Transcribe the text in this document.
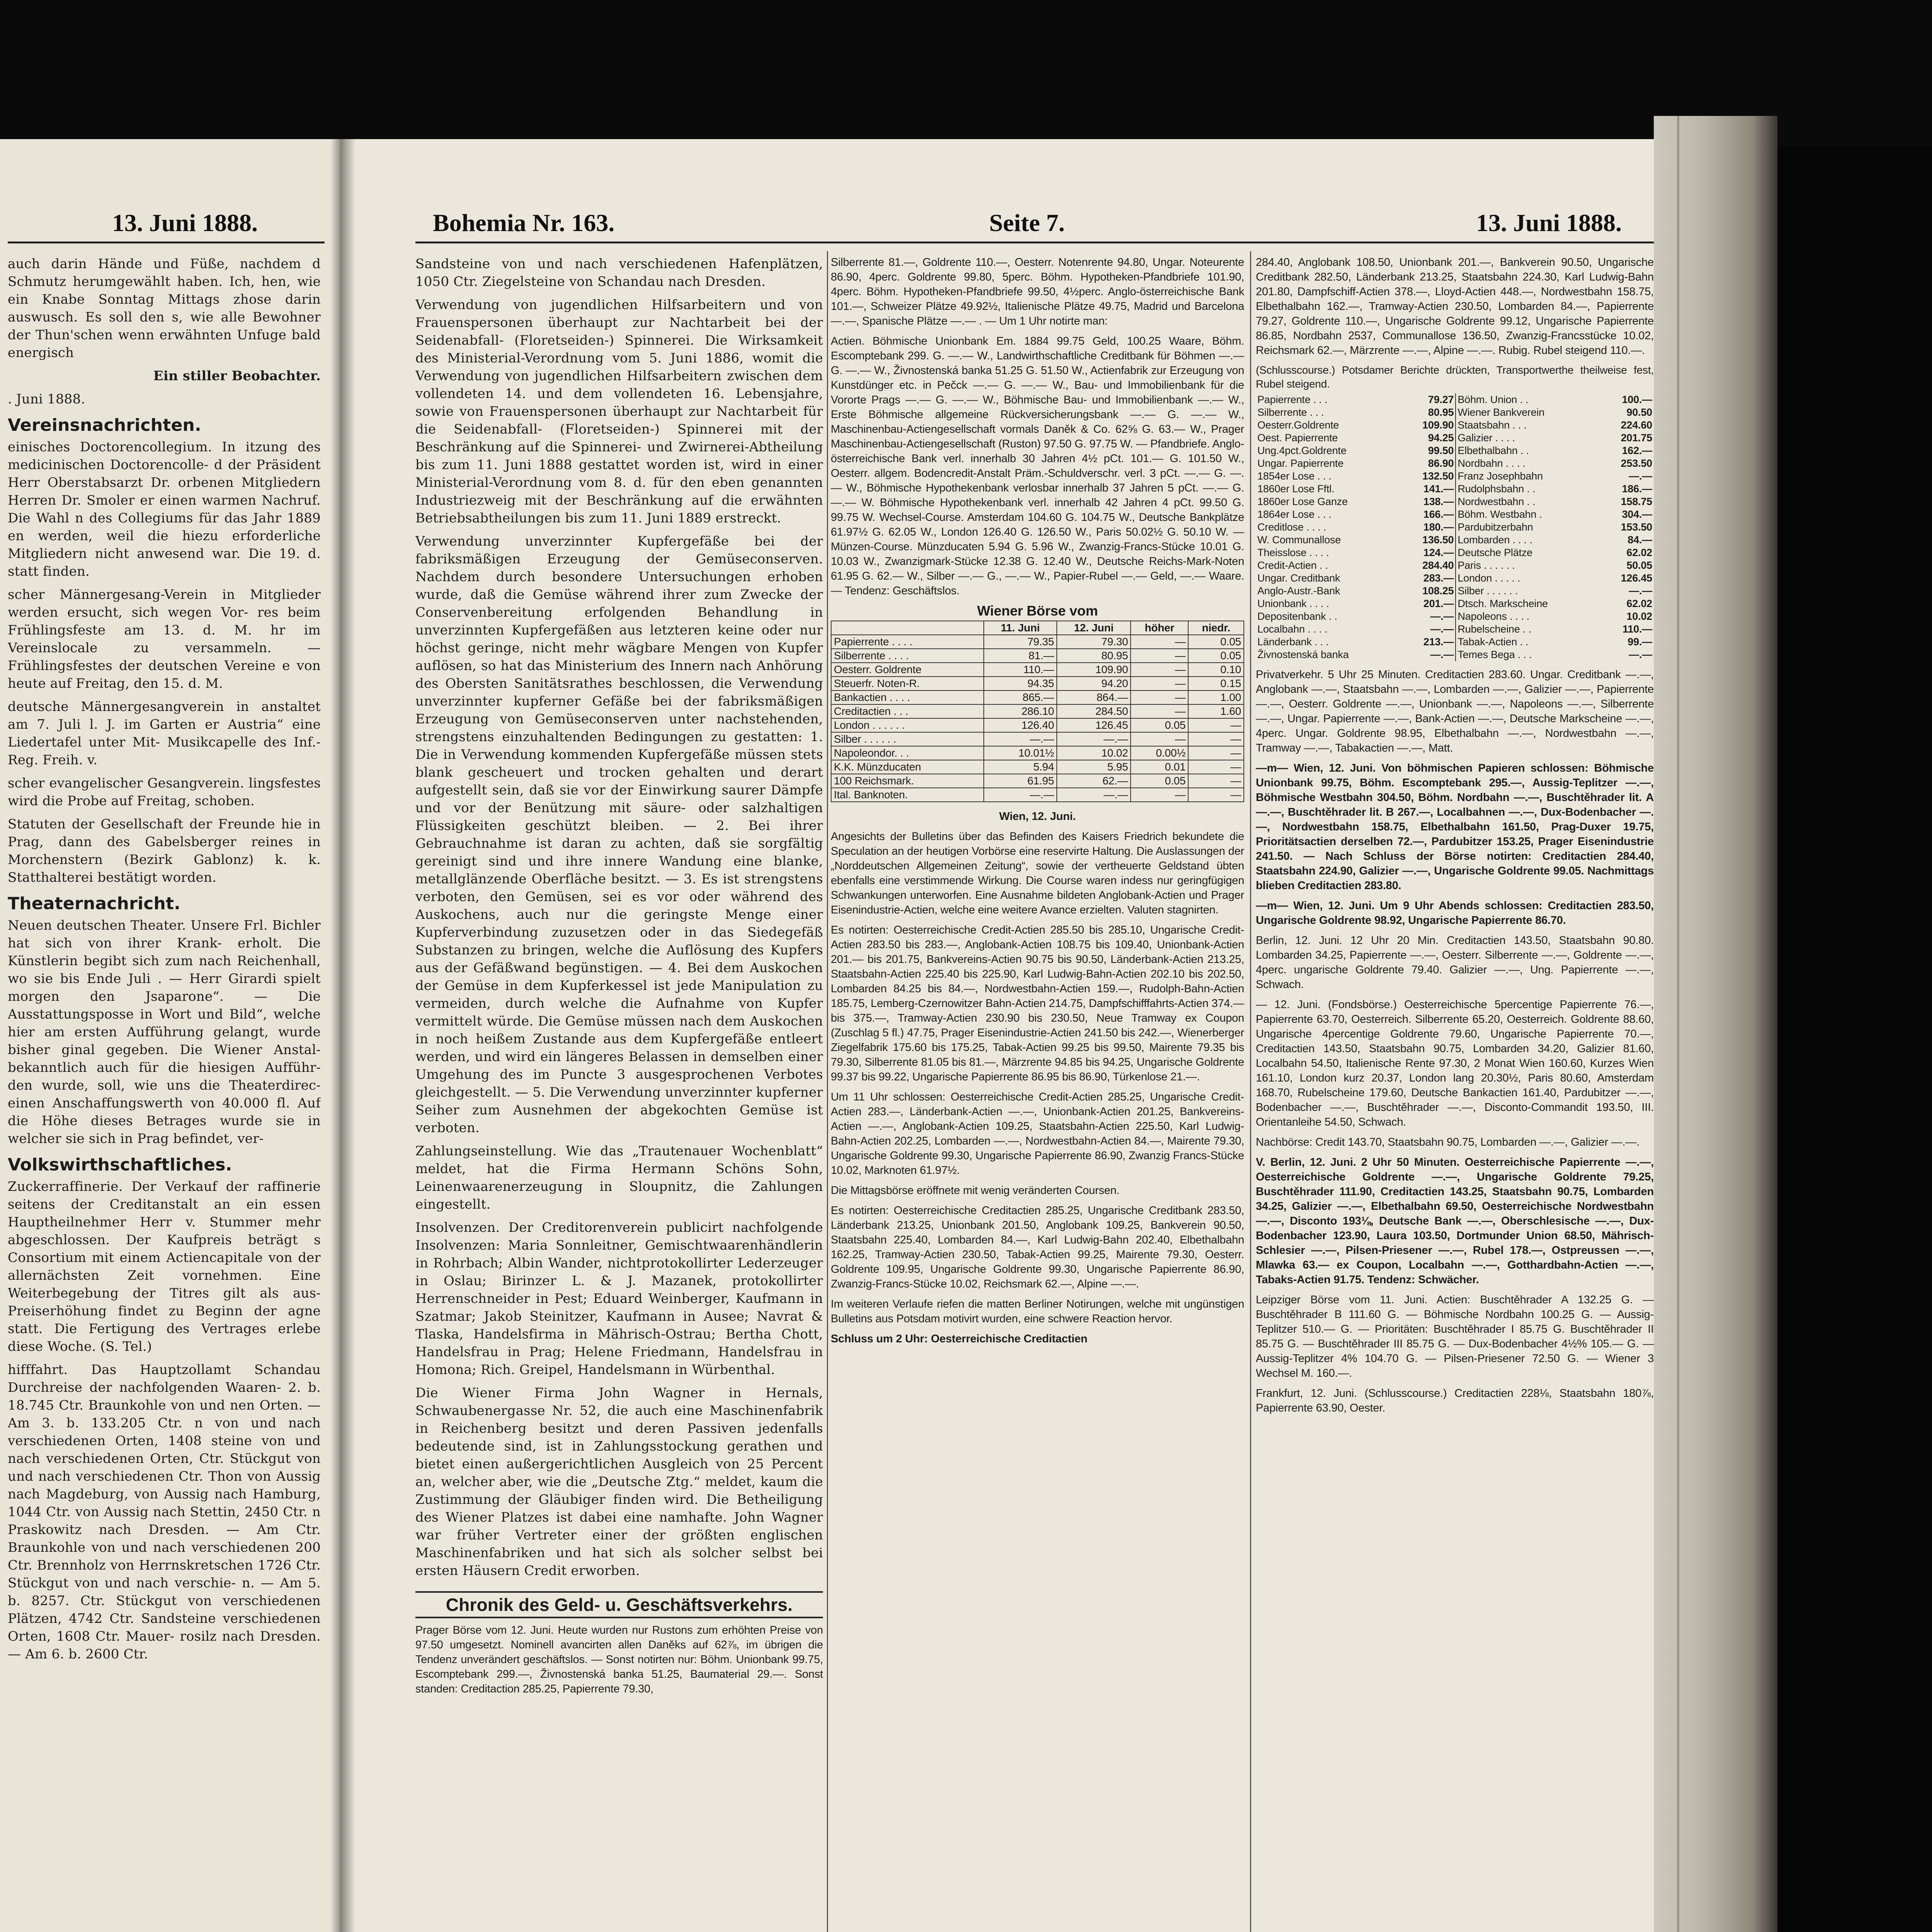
13. Juni 1888.

auch darin Hände und Füße, nachdem d Schmutz herumgewählt haben. Ich, hen, wie ein Knabe Sonntag Mittags zhose darin auswusch. Es soll den s, wie alle Bewohner der Thun'schen wenn erwähnten Unfuge bald energisch

Ein stiller Beobachter.

. Juni 1888.

Vereinsnachrichten.

einisches Doctorencollegium. In itzung des medicinischen Doctorencolle- d der Präsident Herr Oberstabsarzt Dr. orbenen Mitgliedern Herren Dr. Smoler er einen warmen Nachruf. Die Wahl n des Collegiums für das Jahr 1889 en werden, weil die hiezu erforderliche Mitgliedern nicht anwesend war. Die 19. d. statt finden.

scher Männergesang-Verein in Mitglieder werden ersucht, sich wegen Vor- res beim Frühlingsfeste am 13. d. M. hr im Vereinslocale zu versammeln. — Frühlingsfestes der deutschen Vereine e von heute auf Freitag, den 15. d. M.

deutsche Männergesangverein in anstaltet am 7. Juli l. J. im Garten er Austria“ eine Liedertafel unter Mit- Musikcapelle des Inf.-Reg. Freih. v.

scher evangelischer Gesangverein. lingsfestes wird die Probe auf Freitag, schoben.

Statuten der Gesellschaft der Freunde hie in Prag, dann des Gabelsberger reines in Morchenstern (Bezirk Gablonz) k. k. Statthalterei bestätigt worden.

Theaternachricht.

Neuen deutschen Theater. Unsere Frl. Bichler hat sich von ihrer Krank- erholt. Die Künstlerin begibt sich zum nach Reichenhall, wo sie bis Ende Juli . — Herr Girardi spielt morgen den Jsaparone“. — Die Ausstattungsposse in Wort und Bild“, welche hier am ersten Aufführung gelangt, wurde bisher ginal gegeben. Die Wiener Anstal- bekanntlich auch für die hiesigen Aufführ- den wurde, soll, wie uns die Theaterdirec- einen Anschaffungswerth von 40.000 fl. Auf die Höhe dieses Betrages wurde sie in welcher sie sich in Prag befindet, ver-

Volkswirthschaftliches.

Zuckerraffinerie. Der Verkauf der raffinerie seitens der Creditanstalt an ein essen Hauptheilnehmer Herr v. Stummer mehr abgeschlossen. Der Kaufpreis beträgt s Consortium mit einem Actiencapitale von der allernächsten Zeit vornehmen. Eine Weiterbegebung der Titres gilt als aus- Preiserhöhung findet zu Beginn der agne statt. Die Fertigung des Vertrages erlebe diese Woche. (S. Tel.)

hifffahrt. Das Hauptzollamt Schandau Durchreise der nachfolgenden Waaren- 2. b. 18.745 Ctr. Braunkohle von und nen Orten. — Am 3. b. 133.205 Ctr. n von und nach verschiedenen Orten, 1408 steine von und nach verschiedenen Orten, Ctr. Stückgut von und nach verschiedenen Ctr. Thon von Aussig nach Magdeburg, von Aussig nach Hamburg, 1044 Ctr. von Aussig nach Stettin, 2450 Ctr. n Praskowitz nach Dresden. — Am Ctr. Braunkohle von und nach verschiedenen 200 Ctr. Brennholz von Herrnskretschen 1726 Ctr. Stückgut von und nach verschie- n. — Am 5. b. 8257. Ctr. Stückgut von verschiedenen Plätzen, 4742 Ctr. Sandsteine verschiedenen Orten, 1608 Ctr. Mauer- rosilz nach Dresden. — Am 6. b. 2600 Ctr.

Bohemia Nr. 163.	Seite 7.	13. Juni 1888.

Sandsteine von und nach verschiedenen Hafenplätzen, 1050 Ctr. Ziegelsteine von Schandau nach Dresden.

Verwendung von jugendlichen Hilfsarbeitern und von Frauenspersonen überhaupt zur Nachtarbeit bei der Seidenabfall- (Floretseiden-) Spinnerei. Die Wirksamkeit des Ministerial-Verordnung vom 5. Juni 1886, womit die Verwendung von jugendlichen Hilfsarbeitern zwischen dem vollendeten 14. und dem vollendeten 16. Lebensjahre, sowie von Frauenspersonen überhaupt zur Nachtarbeit für die Seidenabfall- (Floretseiden-) Spinnerei mit der Beschränkung auf die Spinnerei- und Zwirnerei-Abtheilung bis zum 11. Juni 1888 gestattet worden ist, wird in einer Ministerial-Verordnung vom 8. d. für den eben genannten Industriezweig mit der Beschränkung auf die erwähnten Betriebsabtheilungen bis zum 11. Juni 1889 erstreckt.

Verwendung unverzinnter Kupfergefäße bei der fabriksmäßigen Erzeugung der Gemüseconserven. Nachdem durch besondere Untersuchungen erhoben wurde, daß die Gemüse während ihrer zum Zwecke der Conservenbereitung erfolgenden Behandlung in unverzinnten Kupfergefäßen aus letzteren keine oder nur höchst geringe, nicht mehr wägbare Mengen von Kupfer auflösen, so hat das Ministerium des Innern nach Anhörung des Obersten Sanitätsrathes beschlossen, die Verwendung unverzinnter kupferner Gefäße bei der fabriksmäßigen Erzeugung von Gemüseconserven unter nachstehenden, strengstens einzuhaltenden Bedingungen zu gestatten: 1. Die in Verwendung kommenden Kupfergefäße müssen stets blank gescheuert und trocken gehalten und derart aufgestellt sein, daß sie vor der Einwirkung saurer Dämpfe und vor der Benützung mit säure- oder salzhaltigen Flüssigkeiten geschützt bleiben. — 2. Bei ihrer Gebrauchnahme ist daran zu achten, daß sie sorgfältig gereinigt sind und ihre innere Wandung eine blanke, metallglänzende Oberfläche besitzt. — 3. Es ist strengstens verboten, den Gemüsen, sei es vor oder während des Auskochens, auch nur die geringste Menge einer Kupferverbindung zuzusetzen oder in das Siedegefäß Substanzen zu bringen, welche die Auflösung des Kupfers aus der Gefäßwand begünstigen. — 4. Bei dem Auskochen der Gemüse in dem Kupferkessel ist jede Manipulation zu vermeiden, durch welche die Aufnahme von Kupfer vermittelt würde. Die Gemüse müssen nach dem Auskochen in noch heißem Zustande aus dem Kupfergefäße entleert werden, und wird ein längeres Belassen in demselben einer Umgehung des im Puncte 3 ausgesprochenen Verbotes gleichgestellt. — 5. Die Verwendung unverzinnter kupferner Seiher zum Ausnehmen der abgekochten Gemüse ist verboten.

Zahlungseinstellung. Wie das „Trautenauer Wochenblatt“ meldet, hat die Firma Hermann Schöns Sohn, Leinenwaarenerzeugung in Sloupnitz, die Zahlungen eingestellt.

Insolvenzen. Der Creditorenverein publicirt nachfolgende Insolvenzen: Maria Sonnleitner, Gemischtwaarenhändlerin in Rohrbach; Albin Wander, nichtprotokollirter Lederzeuger in Oslau; Birinzer L. & J. Mazanek, protokollirter Herrenschneider in Pest; Eduard Weinberger, Kaufmann in Szatmar; Jakob Steinitzer, Kaufmann in Ausee; Navrat & Tlaska, Handelsfirma in Mährisch-Ostrau; Bertha Chott, Handelsfrau in Prag; Helene Friedmann, Handelsfrau in Homona; Rich. Greipel, Handelsmann in Würbenthal.

Die Wiener Firma John Wagner in Hernals, Schwaubenergasse Nr. 52, die auch eine Maschinenfabrik in Reichenberg besitzt und deren Passiven jedenfalls bedeutende sind, ist in Zahlungsstockung gerathen und bietet einen außergerichtlichen Ausgleich von 25 Percent an, welcher aber, wie die „Deutsche Ztg.“ meldet, kaum die Zustimmung der Gläubiger finden wird. Die Betheiligung des Wiener Platzes ist dabei eine namhafte. John Wagner war früher Vertreter einer der größten englischen Maschinenfabriken und hat sich als solcher selbst bei ersten Häusern Credit erworben.

Chronik des Geld- u. Geschäftsverkehrs.

Prager Börse vom 12. Juni. Heute wurden nur Rustons zum erhöhten Preise von 97.50 umgesetzt. Nominell avancirten allen Daněks auf 62⅞, im übrigen die Tendenz unverändert geschäftslos. — Sonst notirten nur: Böhm. Unionbank 99.75, Escomptebank 299.—, Živnostenská banka 51.25, Baumaterial 29.—. Sonst standen: Creditaction 285.25, Papierrente 79.30,

Silberrente 81.—, Goldrente 110.—, Oesterr. Notenrente 94.80, Ungar. Noteurente 86.90, 4perc. Goldrente 99.80, 5perc. Böhm. Hypotheken-Pfandbriefe 101.90, 4perc. Böhm. Hypotheken-Pfandbriefe 99.50, 4½perc. Anglo-österreichische Bank 101.—, Schweizer Plätze 49.92½, Italienische Plätze 49.75, Madrid und Barcelona —.—, Spanische Plätze —.— . — Um 1 Uhr notirte man:

Actien. Böhmische Unionbank Em. 1884 99.75 Geld, 100.25 Waare, Böhm. Escomptebank 299. G. —.— W., Landwirthschaftliche Creditbank für Böhmen —.— G. —.— W., Živnostenská banka 51.25 G. 51.50 W., Actienfabrik zur Erzeugung von Kunstdünger etc. in Pečck —.— G. —.— W., Bau- und Immobilienbank für die Vororte Prags —.— G. —.— W., Böhmische Bau- und Immobilienbank —.— W., Erste Böhmische allgemeine Rückversicherungsbank —.— G. —.— W., Maschinenbau-Actiengesellschaft vormals Daněk & Co. 62⅝ G. 63.— W., Prager Maschinenbau-Actiengesellschaft (Ruston) 97.50 G. 97.75 W. — Pfandbriefe. Anglo-österreichische Bank verl. innerhalb 30 Jahren 4½ pCt. 101.— G. 101.50 W., Oesterr. allgem. Bodencredit-Anstalt Präm.-Schuldverschr. verl. 3 pCt. —.— G. —.— W., Böhmische Hypothekenbank verlosbar innerhalb 37 Jahren 5 pCt. —.— G. —.— W. Böhmische Hypothekenbank verl. innerhalb 42 Jahren 4 pCt. 99.50 G. 99.75 W. Wechsel-Course. Amsterdam 104.60 G. 104.75 W., Deutsche Bankplätze 61.97½ G. 62.05 W., London 126.40 G. 126.50 W., Paris 50.02½ G. 50.10 W. — Münzen-Course. Münzducaten 5.94 G. 5.96 W., Zwanzig-Francs-Stücke 10.01 G. 10.03 W., Zwanzigmark-Stücke 12.38 G. 12.40 W., Deutsche Reichs-Mark-Noten 61.95 G. 62.— W., Silber —.— G., —.— W., Papier-Rubel —.— Geld, —.— Waare. — Tendenz: Geschäftslos.

Wiener Börse vom
	11. Juni	12. Juni	höher	niedr.
Papierrente . . . .	79.35	79.30	—	0.05
Silberrente . . . .	81.—	80.95	—	0.05
Oesterr. Goldrente	110.—	109.90	—	0.10
Steuerfr. Noten-R.	94.35	94.20	—	0.15
Bankactien . . . .	865.—	864.—	—	1.00
Creditactien . . .	286.10	284.50	—	1.60
London . . . . . .	126.40	126.45	0.05	—
Silber . . . . . .	—.—	—.—	—	—
Napoleondor. . .	10.01½	10.02	0.00½	—
K.K. Münzducaten	5.94	5.95	0.01	—
100 Reichsmark.	61.95	62.—	0.05	—
Ital. Banknoten.	—.—	—.—	—	—

Wien, 12. Juni.

Angesichts der Bulletins über das Befinden des Kaisers Friedrich bekundete die Speculation an der heutigen Vorbörse eine reservirte Haltung. Die Auslassungen der „Norddeutschen Allgemeinen Zeitung“, sowie der vertheuerte Geldstand übten ebenfalls eine verstimmende Wirkung. Die Course waren indess nur geringfügigen Schwankungen unterworfen. Eine Ausnahme bildeten Anglobank-Actien und Prager Eisenindustrie-Actien, welche eine weitere Avance erzielten. Valuten stagnirten.

Es notirten: Oesterreichische Credit-Actien 285.50 bis 285.10, Ungarische Credit-Actien 283.50 bis 283.—, Anglobank-Actien 108.75 bis 109.40, Unionbank-Actien 201.— bis 201.75, Bankvereins-Actien 90.75 bis 90.50, Länderbank-Actien 213.25, Staatsbahn-Actien 225.40 bis 225.90, Karl Ludwig-Bahn-Actien 202.10 bis 202.50, Lombarden 84.25 bis 84.—, Nordwestbahn-Actien 159.—, Rudolph-Bahn-Actien 185.75, Lemberg-Czernowitzer Bahn-Actien 214.75, Dampfschifffahrts-Actien 374.— bis 375.—, Tramway-Actien 230.90 bis 230.50, Neue Tramway ex Coupon (Zuschlag 5 fl.) 47.75, Prager Eisenindustrie-Actien 241.50 bis 242.—, Wienerberger Ziegelfabrik 175.60 bis 175.25, Tabak-Actien 99.25 bis 99.50, Mairente 79.35 bis 79.30, Silberrente 81.05 bis 81.—, Märzrente 94.85 bis 94.25, Ungarische Goldrente 99.37 bis 99.22, Ungarische Papierrente 86.95 bis 86.90, Türkenlose 21.—.

Um 11 Uhr schlossen: Oesterreichische Credit-Actien 285.25, Ungarische Credit-Actien 283.—, Länderbank-Actien —.—, Unionbank-Actien 201.25, Bankvereins-Actien —.—, Anglobank-Actien 109.25, Staatsbahn-Actien 225.50, Karl Ludwig-Bahn-Actien 202.25, Lombarden —.—, Nordwestbahn-Actien 84.—, Mairente 79.30, Ungarische Goldrente 99.30, Ungarische Papierrente 86.90, Zwanzig Francs-Stücke 10.02, Marknoten 61.97½.

Die Mittagsbörse eröffnete mit wenig veränderten Coursen.

Es notirten: Oesterreichische Creditactien 285.25, Ungarische Creditbank 283.50, Länderbank 213.25, Unionbank 201.50, Anglobank 109.25, Bankverein 90.50, Staatsbahn 225.40, Lombarden 84.—, Karl Ludwig-Bahn 202.40, Elbethalbahn 162.25, Tramway-Actien 230.50, Tabak-Actien 99.25, Mairente 79.30, Oesterr. Goldrente 109.95, Ungarische Goldrente 99.30, Ungarische Papierrente 86.90, Zwanzig-Francs-Stücke 10.02, Reichsmark 62.—, Alpine —.—.

Im weiteren Verlaufe riefen die matten Berliner Notirungen, welche mit ungünstigen Bulletins aus Potsdam motivirt wurden, eine schwere Reaction hervor.

Schluss um 2 Uhr: Oesterreichische Creditactien

284.40, Anglobank 108.50, Unionbank 201.—, Bankverein 90.50, Ungarische Creditbank 282.50, Länderbank 213.25, Staatsbahn 224.30, Karl Ludwig-Bahn 201.80, Dampfschiff-Actien 378.—, Lloyd-Actien 448.—, Nordwestbahn 158.75, Elbethalbahn 162.—, Tramway-Actien 230.50, Lombarden 84.—, Papierrente 79.27, Goldrente 110.—, Ungarische Goldrente 99.12, Ungarische Papierrente 86.85, Nordbahn 2537, Communallose 136.50, Zwanzig-Francsstücke 10.02, Reichsmark 62.—, Märzrente —.—, Alpine —.—. Rubig. Rubel steigend 110.—.

(Schlusscourse.) Potsdamer Berichte drückten, Transportwerthe theilweise fest, Rubel steigend.

Papierrente . . .	79.27	Böhm. Union . .	100.—
Silberrente . . .	80.95	Wiener Bankverein	90.50
Oesterr.Goldrente	109.90	Staatsbahn . . .	224.60
Oest. Papierrente	94.25	Galizier . . . .	201.75
Ung.4pct.Goldrente	99.50	Elbethalbahn . .	162.—
Ungar. Papierrente	86.90	Nordbahn . . . .	253.50
1854er Lose . . .	132.50	Franz Josephbahn	—.—
1860er Lose Fftl.	141.—	Rudolphsbahn . .	186.—
1860er Lose Ganze	138.—	Nordwestbahn . .	158.75
1864er Lose . . .	166.—	Böhm. Westbahn .	304.—
Creditlose . . . .	180.—	Pardubitzerbahn	153.50
W. Communallose	136.50	Lombarden . . . .	84.—
Theisslose . . . .	124.—	Deutsche Plätze	62.02
Credit-Actien . .	284.40	Paris . . . . . .	50.05
Ungar. Creditbank	283.—	London . . . . .	126.45
Anglo-Austr.-Bank	108.25	Silber . . . . . .	—.—
Unionbank . . . .	201.—	Dtsch. Markscheine	62.02
Depositenbank . .	—.—	Napoleons . . . .	10.02
Localbahn . . . .	—.—	Rubelscheine . .	110.—
Länderbank . . .	213.—	Tabak-Actien . .	99.—
Živnostenská banka	—.—	Temes Bega . . .	—.—

Privatverkehr. 5 Uhr 25 Minuten. Creditactien 283.60. Ungar. Creditbank —.—, Anglobank —.—, Staatsbahn —.—, Lombarden —.—, Galizier —.—, Papierrente —.—, Oesterr. Goldrente —.—, Unionbank —.—, Napoleons —.—, Silberrente —.—, Ungar. Papierrente —.—, Bank-Actien —.—, Deutsche Markscheine —.—, 4perc. Ungar. Goldrente 98.95, Elbethalbahn —.—, Nordwestbahn —.—, Tramway —.—, Tabakactien —.—, Matt.

—m— Wien, 12. Juni. Von böhmischen Papieren schlossen: Böhmische Unionbank 99.75, Böhm. Escomptebank 295.—, Aussig-Teplitzer —.—, Böhmische Westbahn 304.50, Böhm. Nordbahn —.—, Buschtěhrader lit. A —.—, Buschtěhrader lit. B 267.—, Localbahnen —.—, Dux-Bodenbacher —.—, Nordwestbahn 158.75, Elbethalbahn 161.50, Prag-Duxer 19.75, Prioritätsactien derselben 72.—, Pardubitzer 153.25, Prager Eisenindustrie 241.50. — Nach Schluss der Börse notirten: Creditactien 284.40, Staatsbahn 224.90, Galizier —.—, Ungarische Goldrente 99.05. Nachmittags blieben Creditactien 283.80.

—m— Wien, 12. Juni. Um 9 Uhr Abends schlossen: Creditactien 283.50, Ungarische Goldrente 98.92, Ungarische Papierrente 86.70.

Berlin, 12. Juni. 12 Uhr 20 Min. Creditactien 143.50, Staatsbahn 90.80. Lombarden 34.25, Papierrente —.—, Oesterr. Silberrente —.—, Goldrente —.—, 4perc. ungarische Goldrente 79.40. Galizier —.—, Ung. Papierrente —.—, Schwach.

— 12. Juni. (Fondsbörse.) Oesterreichische 5percentige Papierrente 76.—, Papierrente 63.70, Oesterreich. Silberrente 65.20, Oesterreich. Goldrente 88.60, Ungarische 4percentige Goldrente 79.60, Ungarische Papierrente 70.—, Creditactien 143.50, Staatsbahn 90.75, Lombarden 34.20, Galizier 81.60, Localbahn 54.50, Italienische Rente 97.30, 2 Monat Wien 160.60, Kurzes Wien 161.10, London kurz 20.37, London lang 20.30½, Paris 80.60, Amsterdam 168.70, Rubelscheine 179.60, Deutsche Bankactien 161.40, Pardubitzer —.—, Bodenbacher —.—, Buschtěhrader —.—, Disconto-Commandit 193.50, III. Orientanleihe 54.50, Schwach.

Nachbörse: Credit 143.70, Staatsbahn 90.75, Lombarden —.—, Galizier —.—.

V. Berlin, 12. Juni. 2 Uhr 50 Minuten. Oesterreichische Papierrente —.—, Oesterreichische Goldrente —.—, Ungarische Goldrente 79.25, Buschtěhrader 111.90, Creditactien 143.25, Staatsbahn 90.75, Lombarden 34.25, Galizier —.—, Elbethalbahn 69.50, Oesterreichische Nordwestbahn —.—, Disconto 193⅛, Deutsche Bank —.—, Oberschlesische —.—, Dux-Bodenbacher 123.90, Laura 103.50, Dortmunder Union 68.50, Mährisch-Schlesier —.—, Pilsen-Priesener —.—, Rubel 178.—, Ostpreussen —.—, Mlawka 63.— ex Coupon, Localbahn —.—, Gotthardbahn-Actien —.—, Tabaks-Actien 91.75. Tendenz: Schwächer.

Leipziger Börse vom 11. Juni. Actien: Buschtěhrader A 132.25 G. — Buschtěhrader B 111.60 G. — Böhmische Nordbahn 100.25 G. — Aussig-Teplitzer 510.— G. — Prioritäten: Buschtěhrader I 85.75 G. Buschtěhrader II 85.75 G. — Buschtěhrader III 85.75 G. — Dux-Bodenbacher 4½% 105.— G. — Aussig-Teplitzer 4% 104.70 G. — Pilsen-Priesener 72.50 G. — Wiener 3 Wechsel M. 160.—.

Frankfurt, 12. Juni. (Schlusscourse.) Creditactien 228⅛, Staatsbahn 180⅞, Papierrente 63.90, Oester.
